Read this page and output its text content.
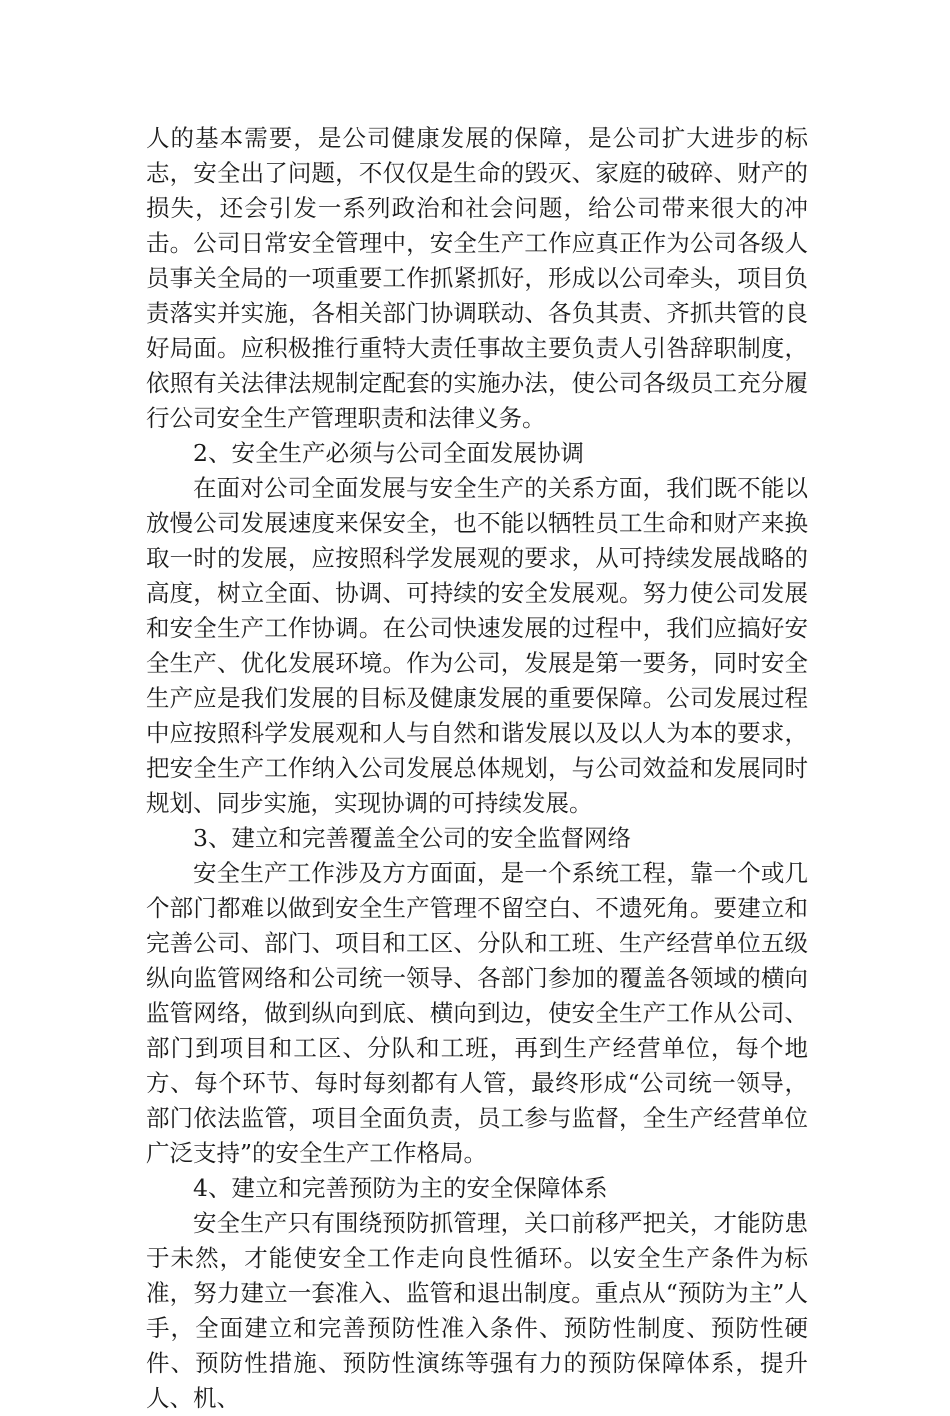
人的基本需要，是公司健康发展的保障，是公司扩大进步的标志，安全出了问题，不仅仅是生命的毁灭、家庭的破碎、财产的损失，还会引发一系列政治和社会问题，给公司带来很大的冲击。公司日常安全管理中，安全生产工作应真正作为公司各级人员事关全局的一项重要工作抓紧抓好，形成以公司牵头，项目负责落实并实施，各相关部门协调联动、各负其责、齐抓共管的良好局面。应积极推行重特大责任事故主要负责人引咎辞职制度，依照有关法律法规制定配套的实施办法，使公司各级员工充分履行公司安全生产管理职责和法律义务。

2、安全生产必须与公司全面发展协调

在面对公司全面发展与安全生产的关系方面，我们既不能以放慢公司发展速度来保安全，也不能以牺牲员工生命和财产来换取一时的发展，应按照科学发展观的要求，从可持续发展战略的高度，树立全面、协调、可持续的安全发展观。努力使公司发展和安全生产工作协调。在公司快速发展的过程中，我们应搞好安全生产、优化发展环境。作为公司，发展是第一要务，同时安全生产应是我们发展的目标及健康发展的重要保障。公司发展过程中应按照科学发展观和人与自然和谐发展以及以人为本的要求，把安全生产工作纳入公司发展总体规划，与公司效益和发展同时规划、同步实施，实现协调的可持续发展。

3、建立和完善覆盖全公司的安全监督网络

安全生产工作涉及方方面面，是一个系统工程，靠一个或几个部门都难以做到安全生产管理不留空白、不遗死角。要建立和完善公司、部门、项目和工区、分队和工班、生产经营单位五级纵向监管网络和公司统一领导、各部门参加的覆盖各领域的横向监管网络，做到纵向到底、横向到边，使安全生产工作从公司、部门到项目和工区、分队和工班，再到生产经营单位，每个地方、每个环节、每时每刻都有人管，最终形成“公司统一领导，部门依法监管，项目全面负责，员工参与监督，全生产经营单位广泛支持”的安全生产工作格局。

4、建立和完善预防为主的安全保障体系

安全生产只有围绕预防抓管理，关口前移严把关，才能防患于未然，才能使安全工作走向良性循环。以安全生产条件为标准，努力建立一套准入、监管和退出制度。重点从“预防为主”人手，全面建立和完善预防性准入条件、预防性制度、预防性硬件、预防性措施、预防性演练等强有力的预防保障体系，提升人、机、
